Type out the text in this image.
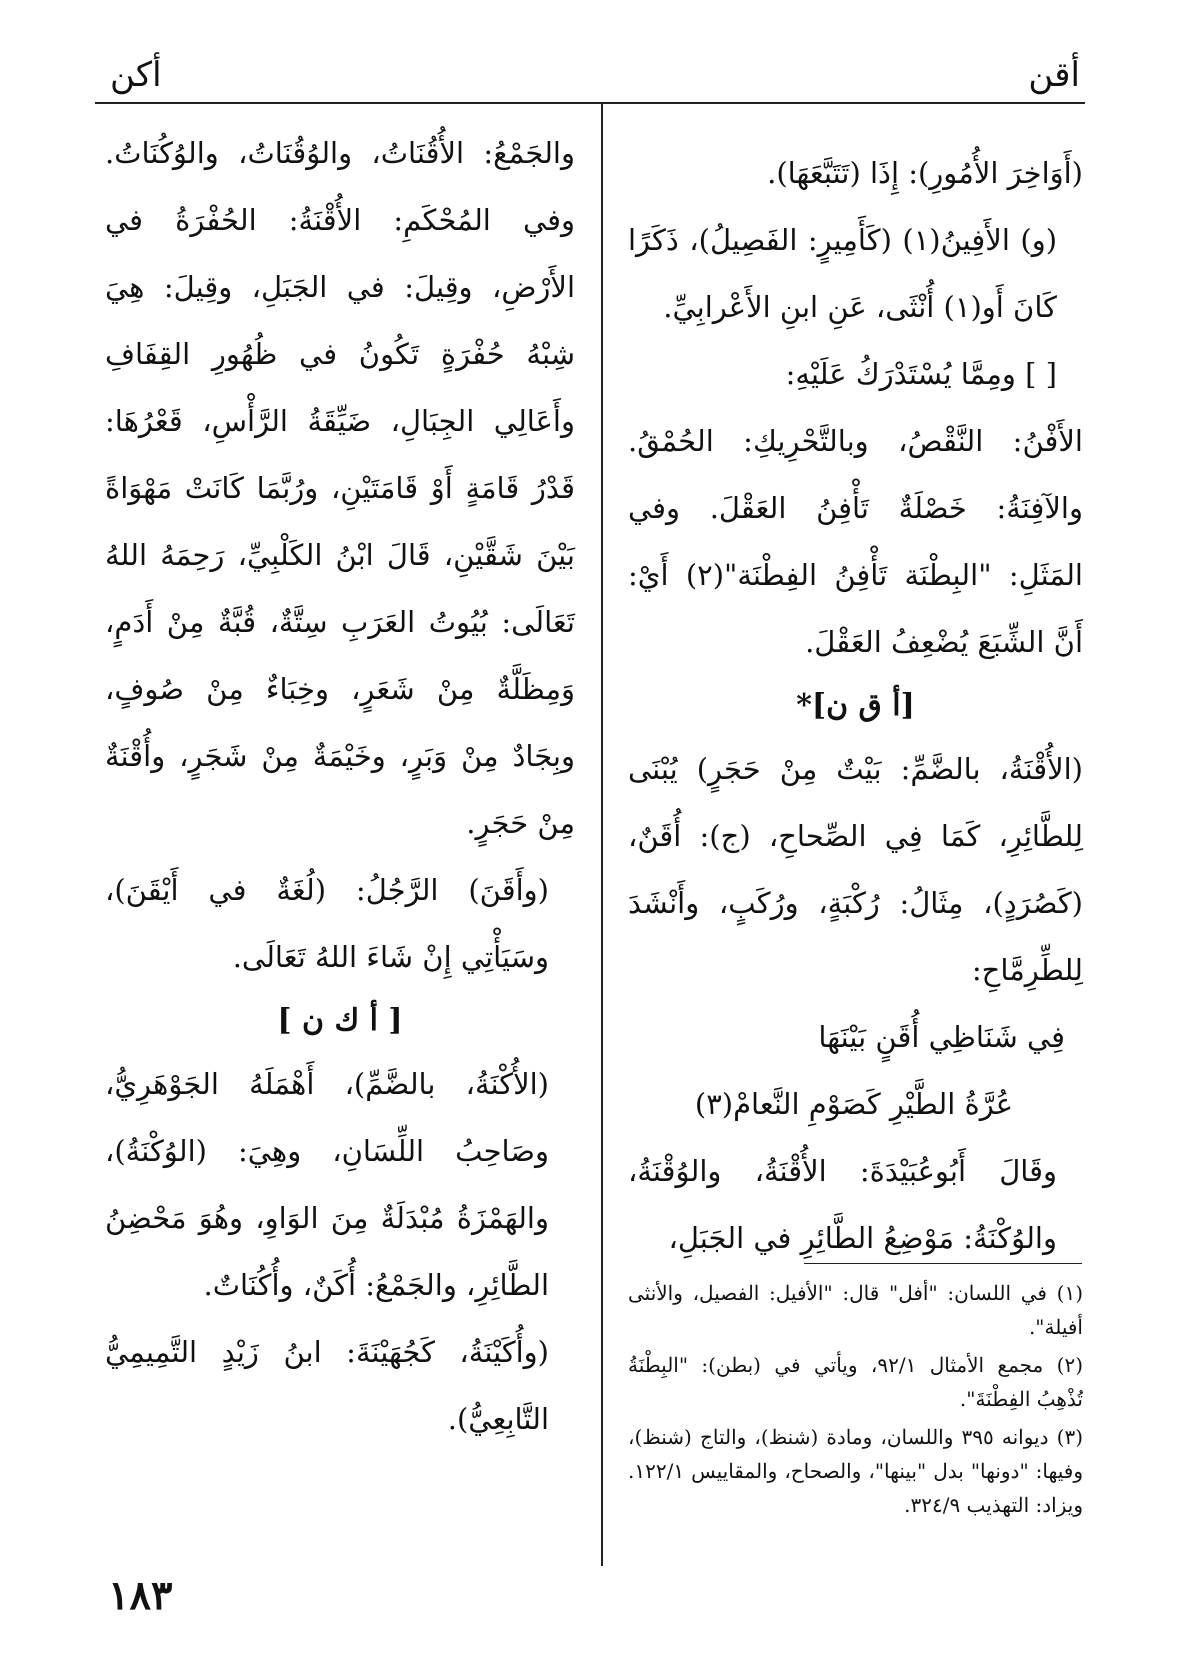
أقن
أكن

(أَوَاخِرَ الأُمُورِ): إِذَا (تَتَبَّعَهَا).

(و) الأَفِينُ(١) (كَأَمِيرٍ: الفَصِيلُ)، ذَكَرًا كَانَ أَو(١) أُنْثَى، عَنِ ابنِ الأَعْرابِيِّ.

[ ] ومِمَّا يُسْتَدْرَكُ عَلَيْهِ:

الأَفْنُ: النَّقْصُ، وبالتَّحْرِيكِ: الحُمْقُ. والآفِنَةُ: خَصْلَةٌ تَأْفِنُ العَقْلَ. وفي المَثَلِ: "البِطْنَة تَأْفِنُ الفِطْنَة"(٢) أَيْ: أَنَّ الشِّبَعَ يُضْعِفُ العَقْلَ.

[أ ق ن]*

(الأُقْنَةُ، بالضَّمِّ: بَيْتٌ مِنْ حَجَرٍ) يُبْنَى لِلطَّائِرِ، كَمَا فِي الصِّحاحِ، (ج): أُقَنٌ، (كَصُرَدٍ)، مِثَالُ: رُكْبَةٍ، ورُكَبٍ، وأَنْشَدَ لِلطِّرِمَّاحِ:

فِي شَنَاظِي أُقَنٍ بَيْنَهَا

عُرَّةُ الطَّيْرِ كَصَوْمِ النَّعامْ(٣)

وقَالَ أَبُوعُبَيْدَةَ: الأُقْنَةُ، والوُقْنَةُ، والوُكْنَةُ: مَوْضِعُ الطَّائِرِ في الجَبَلِ،

(١) في اللسان: "أفل" قال: "الأفيل: الفصيل، والأنثى أفيلة".

(٢) مجمع الأمثال ٩٢/١، ويأتي في (بطن): "البِطْنَةُ تُذْهِبُ الفِطْنَةَ".

(٣) ديوانه ٣٩٥ واللسان، ومادة (شنظ)، والتاج (شنظ)، وفيها: "دونها" بدل "بينها"، والصحاح، والمقاييس ١٢٢/١. ويزاد: التهذيب ٣٢٤/٩.

والجَمْعُ: الأُقُنَاتُ، والوُقُنَاتُ، والوُكُنَاتُ. وفي المُحْكَمِ: الأُقْنَةُ: الحُفْرَةُ في الأَرْضِ، وقِيلَ: في الجَبَلِ، وقِيلَ: هِيَ شِبْهُ حُفْرَةٍ تَكُونُ في ظُهُورِ القِفَافِ وأَعَالِي الجِبَالِ، ضَيِّقَةُ الرَّأْسِ، قَعْرُهَا: قَدْرُ قَامَةٍ أَوْ قَامَتَيْنِ، ورُبَّمَا كَانَتْ مَهْوَاةً بَيْنَ شَقَّيْنِ، قَالَ ابْنُ الكَلْبِيِّ، رَحِمَهُ اللهُ تَعَالَى: بُيُوتُ العَرَبِ سِتَّةٌ، قُبَّةٌ مِنْ أَدَمٍ، وَمِظَلَّةٌ مِنْ شَعَرٍ، وخِبَاءٌ مِنْ صُوفٍ، وبِجَادٌ مِنْ وَبَرٍ، وخَيْمَةٌ مِنْ شَجَرٍ، وأُقْنَةٌ مِنْ حَجَرٍ.

(وأَقَنَ) الرَّجُلُ: (لُغَةٌ في أَيْقَنَ)، وسَيَأْتِي إِنْ شَاءَ اللهُ تَعَالَى.

[ أ ك ن ]

(الأُكْنَةُ، بالضَّمِّ)، أَهْمَلَهُ الجَوْهَرِيُّ، وصَاحِبُ اللِّسَانِ، وهِيَ: (الوُكْنَةُ)، والهَمْزَةُ مُبْدَلَةٌ مِنَ الوَاوِ، وهُوَ مَحْضِنُ الطَّائِرِ، والجَمْعُ: أُكَنٌ، وأُكُنَاتٌ.

(وأُكَيْنَةُ، كَجُهَيْنَةَ: ابنُ زَيْدٍ التَّمِيمِيُّ التَّابِعِيُّ).

١٨٣
